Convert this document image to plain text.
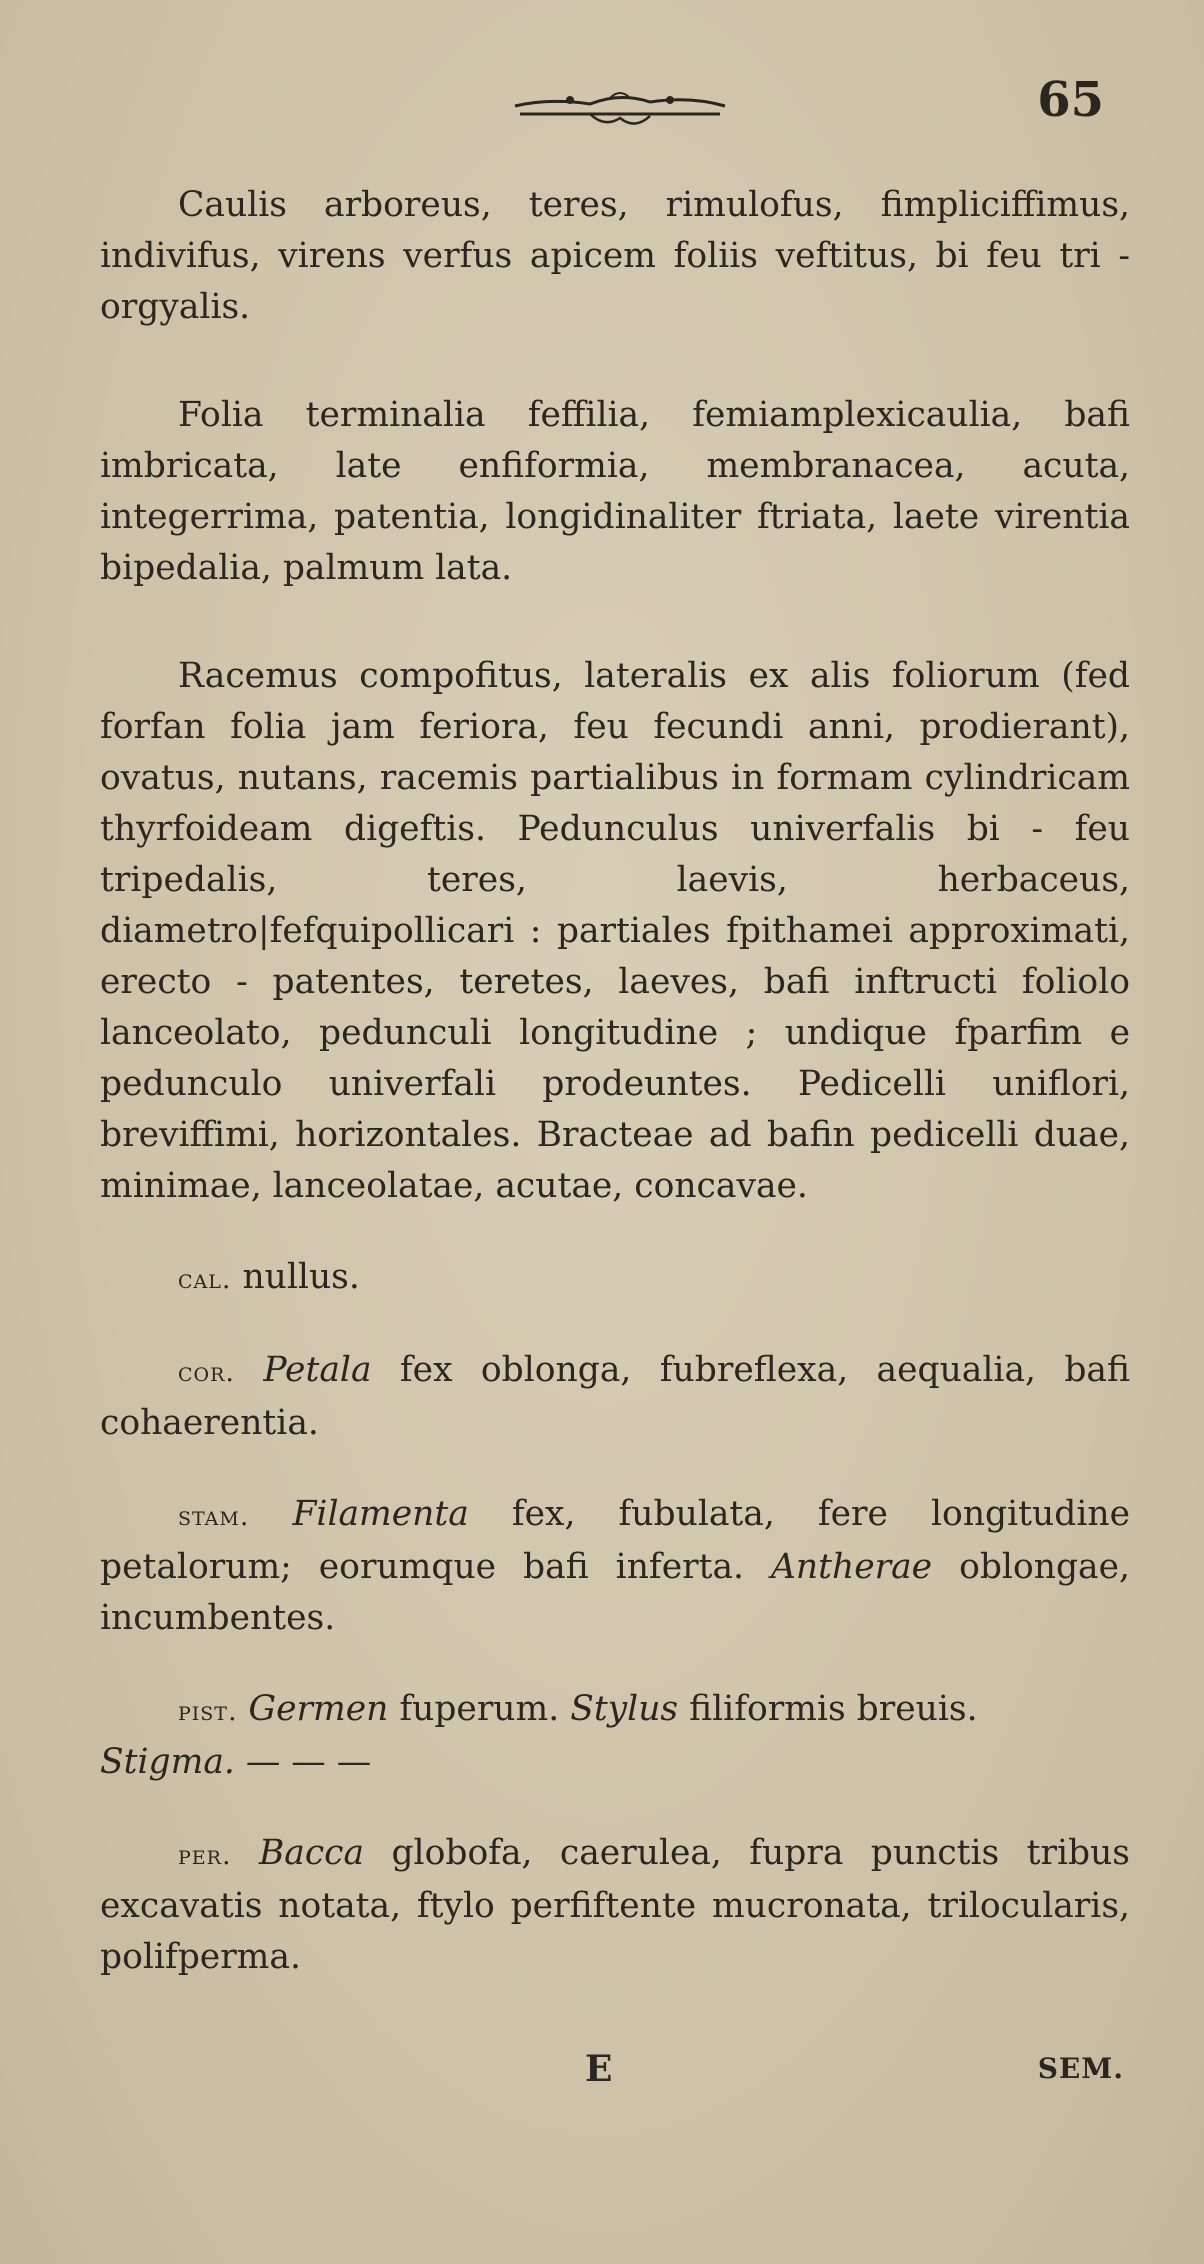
65

Caulis arboreus, teres, rimulofus, fimpliciffimus, indivifus, virens verfus apicem foliis veftitus, bi feu tri - orgyalis.

Folia terminalia feffilia, femiamplexicaulia, bafi imbricata, late enfiformia, membranacea, acuta, integerrima, patentia, longidinaliter ftriata, laete virentia bipedalia, palmum lata.

Racemus compofitus, lateralis ex alis foliorum (fed forfan folia jam feriora, feu fecundi anni, prodierant), ovatus, nutans, racemis partialibus in formam cylindricam thyrfoideam digeftis. Pedunculus univerfalis bi - feu tripedalis, teres, laevis, herbaceus, diametro|fefquipollicari : partiales fpithamei approximati, erecto - patentes, teretes, laeves, bafi inftructi foliolo lanceolato, pedunculi longitudine ; undique fparfim e pedunculo univerfali prodeuntes. Pedicelli uniflori, breviffimi, horizontales. Bracteae ad bafin pedicelli duae, minimae, lanceolatae, acutae, concavae.

cal. nullus.

cor. Petala fex oblonga, fubreflexa, aequalia, bafi cohaerentia.

stam. Filamenta fex, fubulata, fere longitudine petalorum; eorumque bafi inferta. Antherae oblongae, incumbentes.

pist. Germen fuperum. Stylus filiformis breuis.
Stigma. — — —

per. Bacca globofa, caerulea, fupra punctis tribus excavatis notata, ftylo perfiftente mucronata, trilocularis, polifperma.

E	SEM.
